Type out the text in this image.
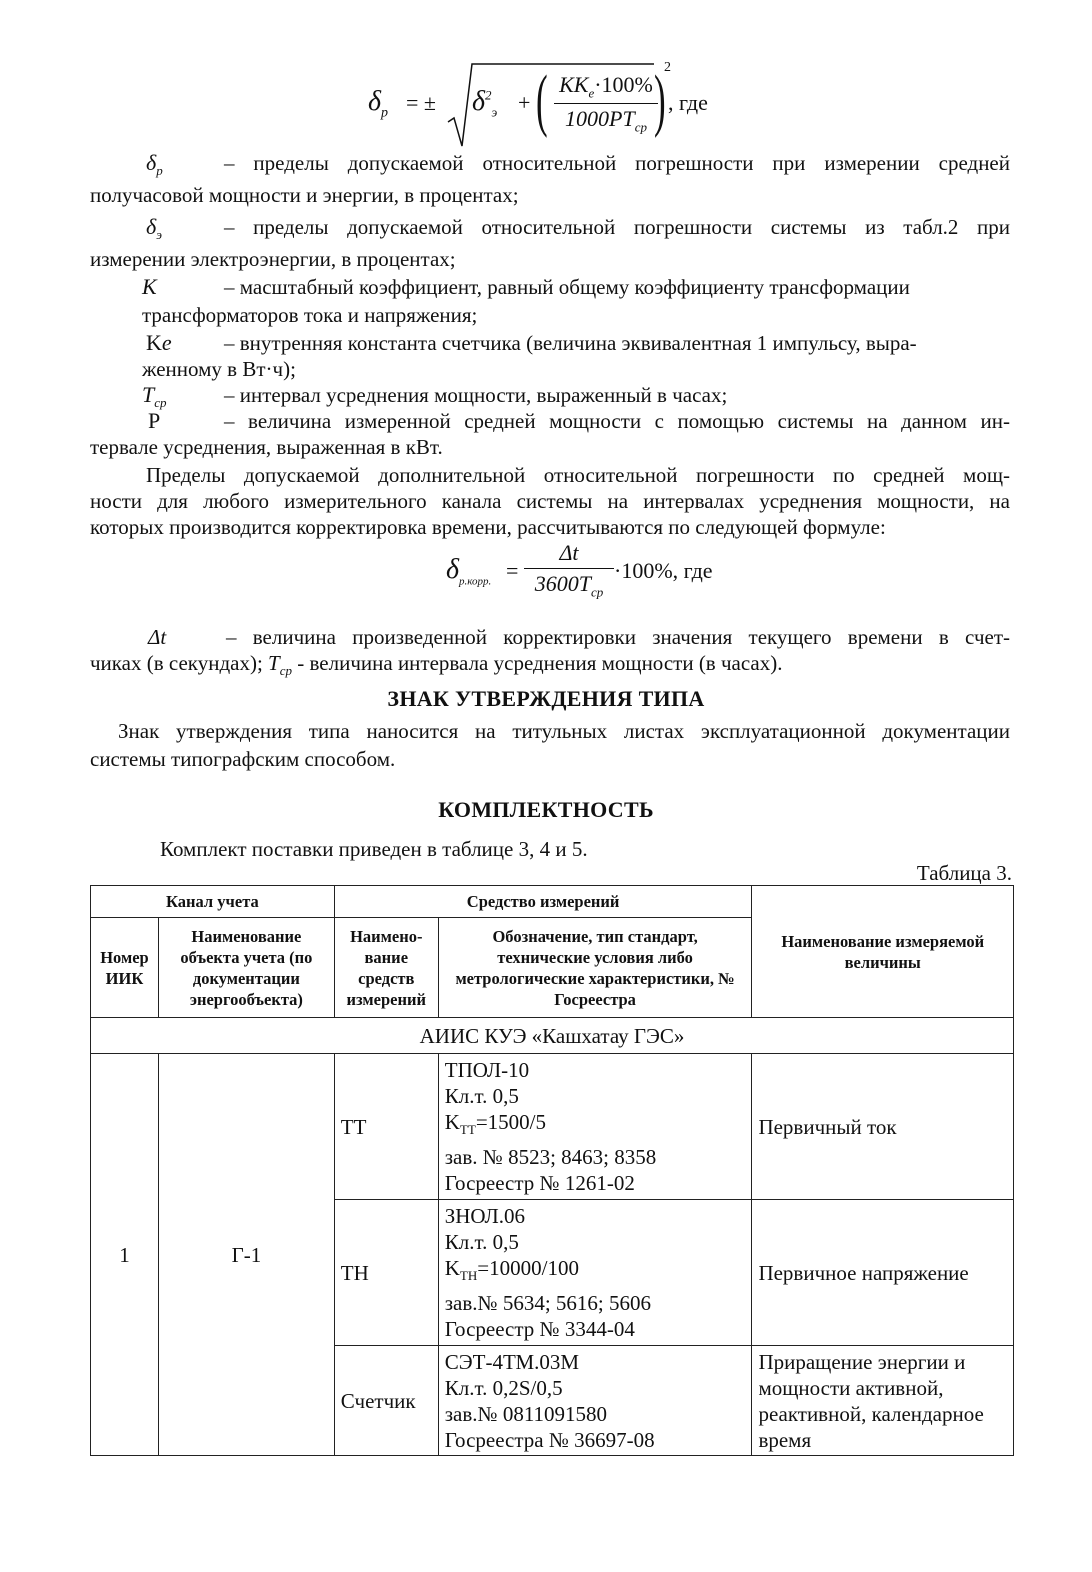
$\delta_p$ = ± $\delta^2_э$ + ( $KK_e\cdot 100\%$
$1000PT_{ср}$ )
2
, где
$\delta_p$	– пределы допускаемой относительной погрешности при измерении средней
получасовой мощности и энергии, в процентах;
$\delta_э$	– пределы допускаемой относительной погрешности системы из табл.2 при
измерении электроэнергии, в процентах;
K	– масштабный коэффициент, равный общему коэффициенту трансформации
трансформаторов тока и напряжения;
Ke – внутренняя константа счетчика (величина эквивалентная 1 импульсу, выра-
женному в Вт·ч);
$T_{ср}$	– интервал усреднения мощности, выраженный в часах;
P	– величина измеренной средней мощности с помощью системы на данном ин-
тервале усреднения, выраженная в кВт.
Пределы допускаемой дополнительной относительной погрешности по средней мощ-
ности для любого измерительного канала системы на интервалах усреднения мощности, на
которых производится корректировка времени, рассчитываются по следующей формуле:
$\delta_{р.корр.}$ =
Δt
$3600T_{ср}$
·100%, где
Δt	– величина произведенной корректировки значения текущего времени в счет-
чиках (в секундах); $T_{ср}$ - величина интервала усреднения мощности (в часах).
ЗНАК УТВЕРЖДЕНИЯ ТИПА
Знак утверждения типа наносится на титульных листах эксплуатационной документации
системы типографским способом.
КОМПЛЕКТНОСТЬ
Комплект поставки приведен в таблице 3, 4 и 5.
Таблица 3.
Канал учета		Средство измерений		Наименование измеряемой величины
Номер ИИК	Наименование объекта учета (по документации энергообъекта)	Наимено- вание средств измерений	Обозначение, тип стандарт, технические условия либо метрологические характеристики, № Госреестра	
АИИС КУЭ «Кашхатау ГЭС»				
1	Г-1	ТТ	ТПОЛ-10
Кл.т. 0,5
$K_{ТТ}=1500/5$
зав. № 8523; 8463; 8358
Госреестр № 1261-02	Первичный ток
		ТН	ЗНОЛ.06
Кл.т. 0,5
$K_{ТН}=10000/100$
зав.№ 5634; 5616; 5606
Госреестр № 3344-04	Первичное напряжение
		Счетчик	СЭТ-4ТМ.03М
Кл.т. 0,2S/0,5
зав.№ 0811091580
Госреестра № 36697-08	Приращение энергии и мощности активной, реактивной, календарное время
